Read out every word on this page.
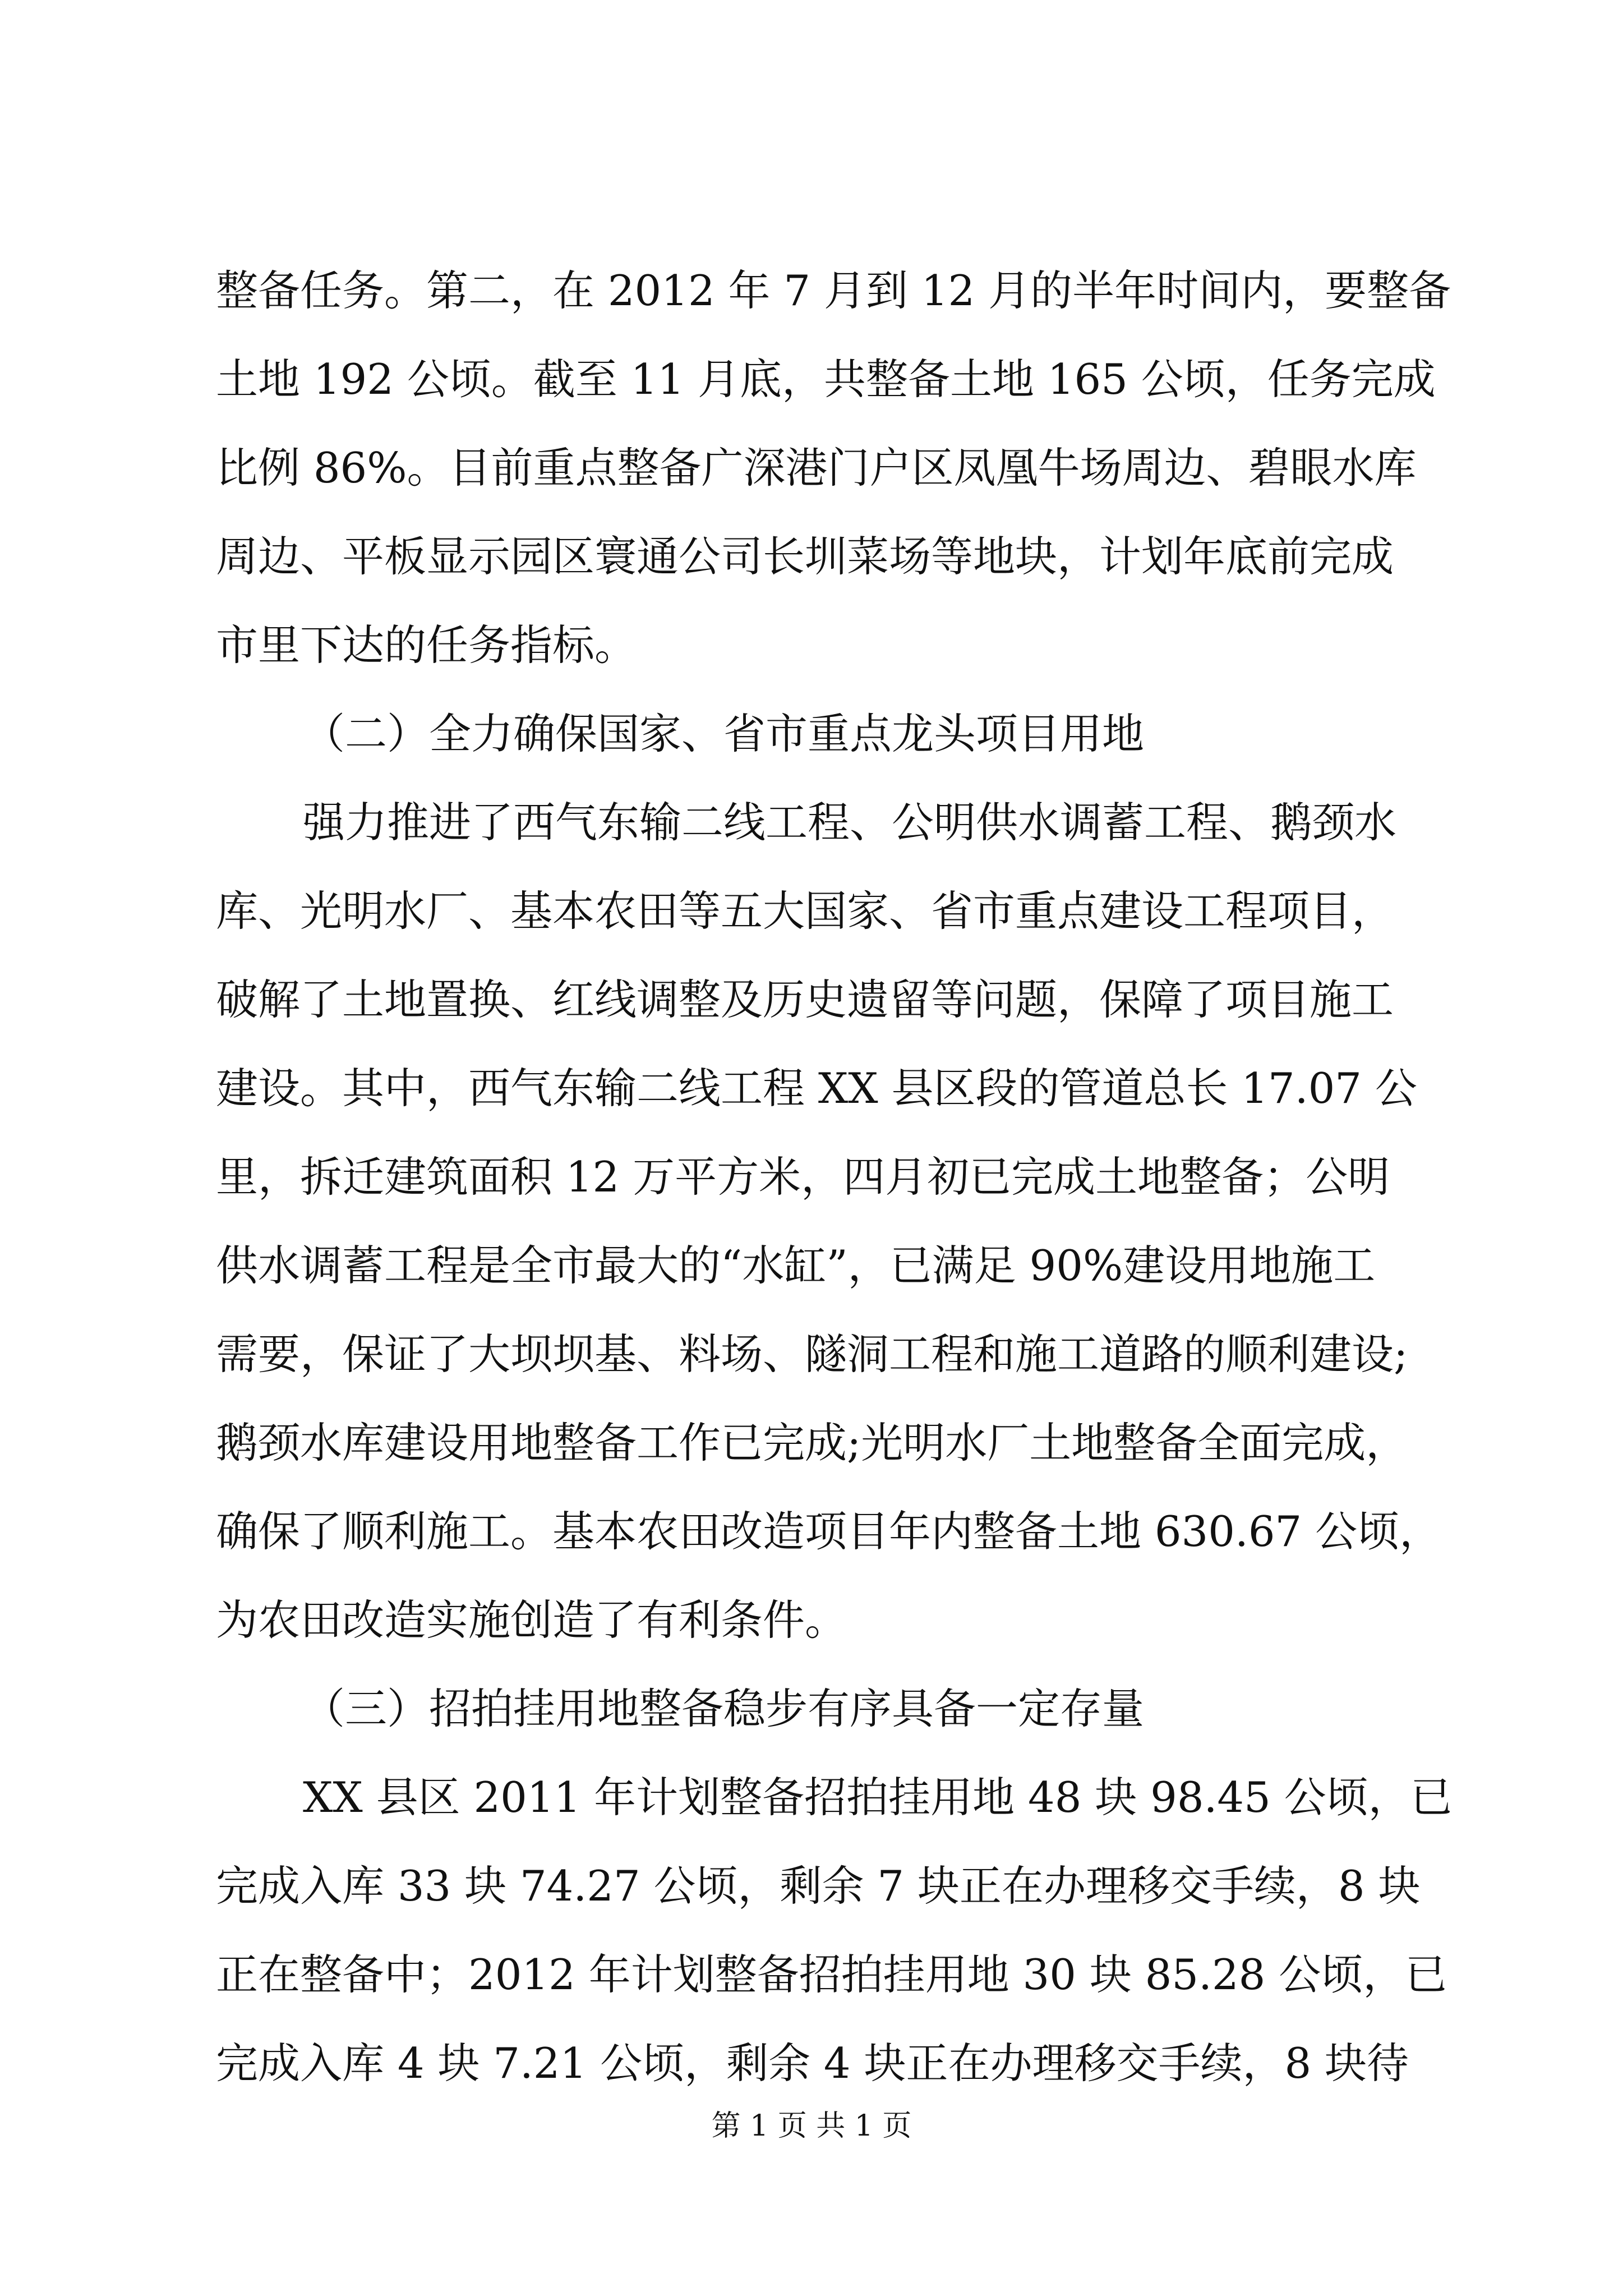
整备任务。第二，在 2012 年 7 月到 12 月的半年时间内，要整备
土地 192 公顷。截至 11 月底，共整备土地 165 公顷，任务完成
比例 86%。目前重点整备广深港门户区凤凰牛场周边、碧眼水库
周边、平板显示园区寰通公司长圳菜场等地块，计划年底前完成
市里下达的任务指标。
（二）全力确保国家、省市重点龙头项目用地
强力推进了西气东输二线工程、公明供水调蓄工程、鹅颈水
库、光明水厂、基本农田等五大国家、省市重点建设工程项目，
破解了土地置换、红线调整及历史遗留等问题，保障了项目施工
建设。其中，西气东输二线工程 XX 县区段的管道总长 17.07 公
里，拆迁建筑面积 12 万平方米，四月初已完成土地整备；公明
供水调蓄工程是全市最大的“水缸”，已满足 90%建设用地施工
需要，保证了大坝坝基、料场、隧洞工程和施工道路的顺利建设;
鹅颈水库建设用地整备工作已完成;光明水厂土地整备全面完成，
确保了顺利施工。基本农田改造项目年内整备土地 630.67 公顷，
为农田改造实施创造了有利条件。
（三）招拍挂用地整备稳步有序具备一定存量
XX 县区 2011 年计划整备招拍挂用地 48 块 98.45 公顷，已
完成入库 33 块 74.27 公顷，剩余 7 块正在办理移交手续，8 块
正在整备中；2012 年计划整备招拍挂用地 30 块 85.28 公顷，已
完成入库 4 块 7.21 公顷，剩余 4 块正在办理移交手续，8 块待
第 1 页 共 1 页
